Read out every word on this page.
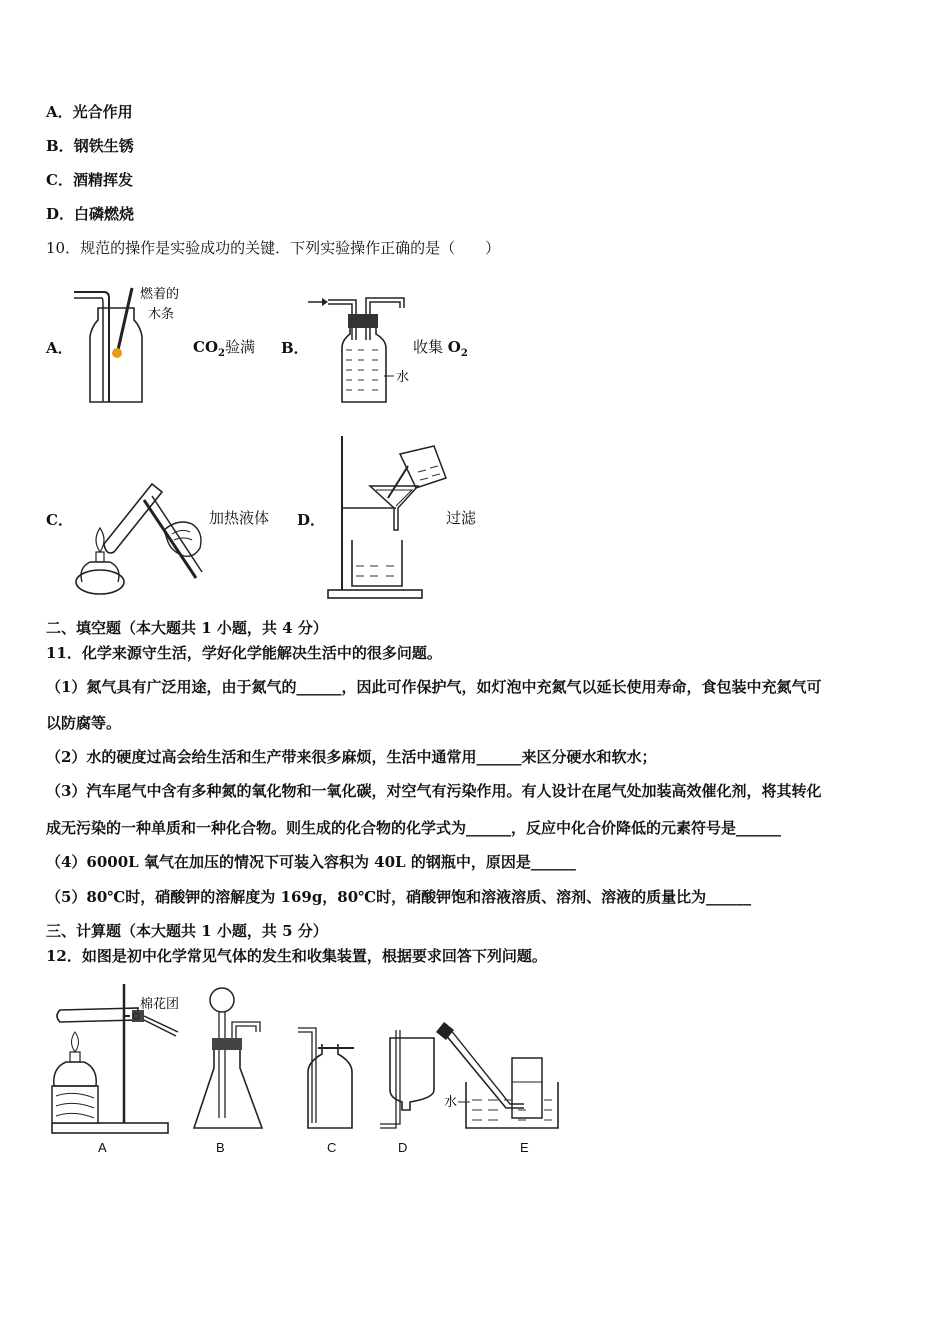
A．光合作用
B．钢铁生锈
C．酒精挥发
D．白磷燃烧
10．规范的操作是实验成功的关键．下列实验操作正确的是（　　）
A．
燃着的
木条
$CO_2$验满 B．
水
收集 $O_2$
C．	加热液体 D．	过滤
二、填空题（本大题共 1 小题，共 4 分）
11．化学来源守生活，学好化学能解决生活中的很多问题。
（1）氮气具有广泛用途，由于氮气的______，因此可作保护气，如灯泡中充氮气以延长使用寿命，食包装中充氮气可
以防腐等。
（2）水的硬度过高会给生活和生产带来很多麻烦，生活中通常用______来区分硬水和软水；
（3）汽车尾气中含有多种氮的氧化物和一氧化碳，对空气有污染作用。有人设计在尾气处加装高效催化剂，将其转化
成无污染的一种单质和一种化合物。则生成的化合物的化学式为______，反应中化合价降低的元素符号是______
（4）6000L 氧气在加压的情况下可装入容积为 40L 的钢瓶中，原因是______
（5）80℃时，硝酸钾的溶解度为 169g，80℃时，硝酸钾饱和溶液溶质、溶剂、溶液的质量比为______
三、计算题（本大题共 1 小题，共 5 分）
12．如图是初中化学常见气体的发生和收集装置，根据要求回答下列问题。
棉花团
水
A	B	C	D	E
